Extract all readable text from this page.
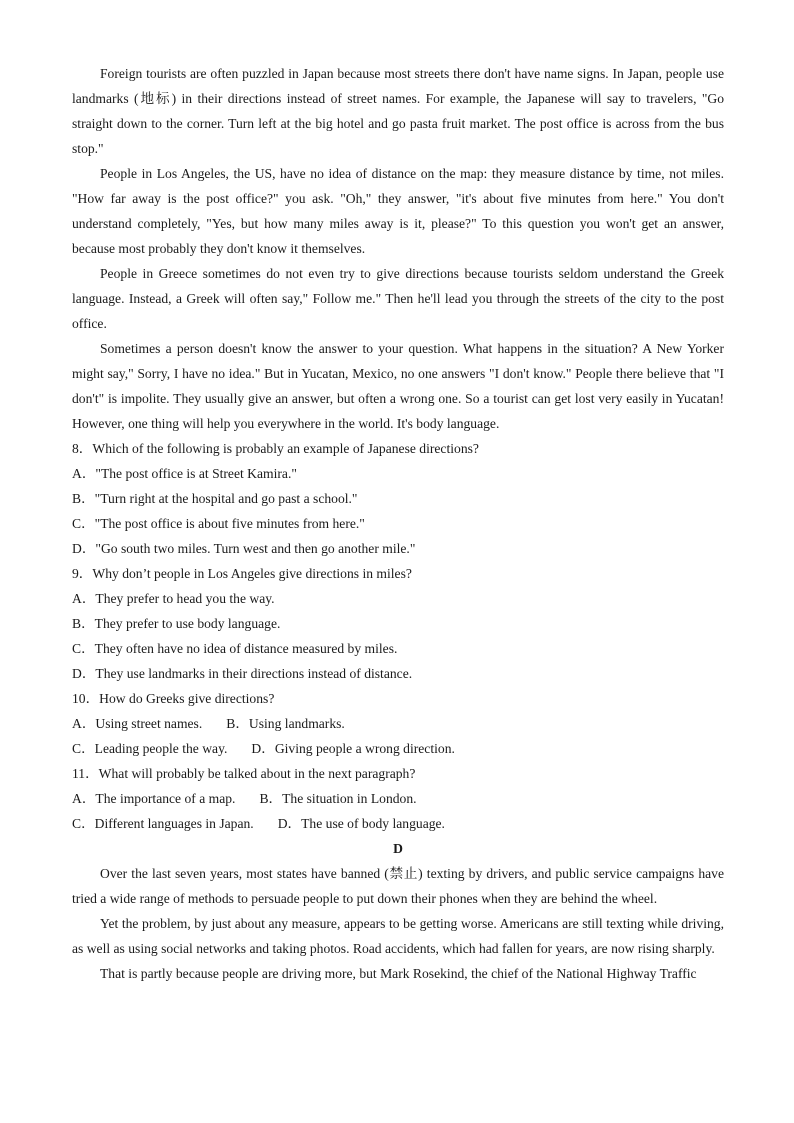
Foreign tourists are often puzzled in Japan because most streets there don't have name signs. In Japan, people use landmarks (地标) in their directions instead of street names. For example, the Japanese will say to travelers, "Go straight down to the corner. Turn left at the big hotel and go pasta fruit market. The post office is across from the bus stop."

People in Los Angeles, the US, have no idea of distance on the map: they measure distance by time, not miles. "How far away is the post office?" you ask. "Oh," they answer, "it's about five minutes from here." You don't understand completely, "Yes, but how many miles away is it, please?" To this question you won't get an answer, because most probably they don't know it themselves.

People in Greece sometimes do not even try to give directions because tourists seldom understand the Greek language. Instead, a Greek will often say," Follow me." Then he'll lead you through the streets of the city to the post office.

Sometimes a person doesn't know the answer to your question. What happens in the situation? A New Yorker might say," Sorry, I have no idea." But in Yucatan, Mexico, no one answers "I don't know." People there believe that "I don't" is impolite. They usually give an answer, but often a wrong one. So a tourist can get lost very easily in Yucatan! However, one thing will help you everywhere in the world. It's body language.

8．Which of the following is probably an example of Japanese directions?

A．"The post office is at Street Kamira."

B．"Turn right at the hospital and go past a school."

C．"The post office is about five minutes from here."

D．"Go south two miles. Turn west and then go another mile."

9．Why don’t people in Los Angeles give directions in miles?

A．They prefer to head you the way.

B．They prefer to use body language.

C．They often have no idea of distance measured by miles.

D．They use landmarks in their directions instead of distance.

10．How do Greeks give directions?

A．Using street names. B．Using landmarks.

C．Leading people the way. D．Giving people a wrong direction.

11．What will probably be talked about in the next paragraph?

A．The importance of a map. B．The situation in London.

C．Different languages in Japan. D．The use of body language.

D

Over the last seven years, most states have banned (禁止) texting by drivers, and public service campaigns have tried a wide range of methods to persuade people to put down their phones when they are behind the wheel.

Yet the problem, by just about any measure, appears to be getting worse. Americans are still texting while driving, as well as using social networks and taking photos. Road accidents, which had fallen for years, are now rising sharply.

That is partly because people are driving more, but Mark Rosekind, the chief of the National Highway Traffic
